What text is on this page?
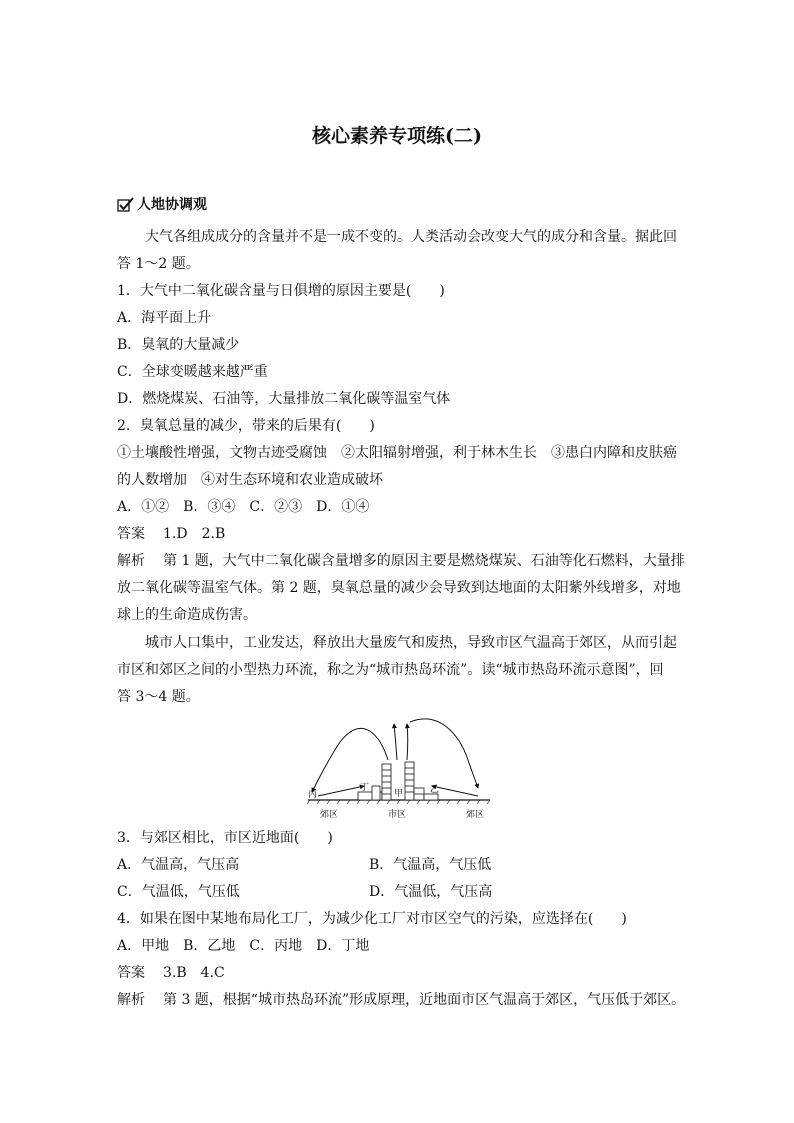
核心素养专项练(二)
人地协调观
大气各组成成分的含量并不是一成不变的。人类活动会改变大气的成分和含量。据此回
答 1～2 题。
1．大气中二氧化碳含量与日俱增的原因主要是(　　)
A．海平面上升
B．臭氧的大量减少
C．全球变暖越来越严重
D．燃烧煤炭、石油等，大量排放二氧化碳等温室气体
2．臭氧总量的减少，带来的后果有(　　)
①土壤酸性增强，文物古迹受腐蚀　②太阳辐射增强，利于林木生长　③患白内障和皮肤癌
的人数增加　④对生态环境和农业造成破坏
A．①②　B．③④　C．②③　D．①④
答案 1.D　2.B
解析 第 1 题，大气中二氧化碳含量增多的原因主要是燃烧煤炭、石油等化石燃料，大量排
放二氧化碳等温室气体。第 2 题，臭氧总量的减少会导致到达地面的太阳紫外线增多，对地
球上的生命造成伤害。
城市人口集中，工业发达，释放出大量废气和废热，导致市区气温高于郊区，从而引起
市区和郊区之间的小型热力环流，称之为“城市热岛环流”。读“城市热岛环流示意图”，回
答 3～4 题。
丙
丁
甲	乙
郊区	市区	郊区
3．与郊区相比，市区近地面(　　)
A．气温高，气压高	B．气温高，气压低
C．气温低，气压低	D．气温低，气压高
4．如果在图中某地布局化工厂，为减少化工厂对市区空气的污染，应选择在(　　)
A．甲地　B．乙地　C．丙地　D．丁地
答案 3.B　4.C
解析 第 3 题，根据“城市热岛环流”形成原理，近地面市区气温高于郊区，气压低于郊区。
